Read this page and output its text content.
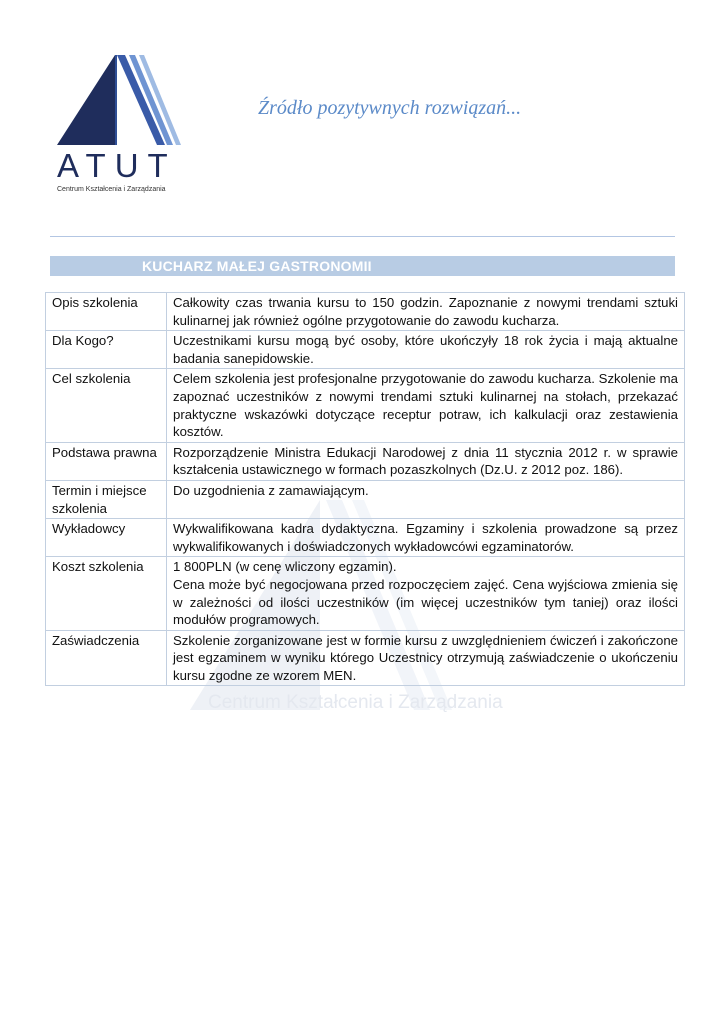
ATUT
Centrum Kształcenia i Zarządzania
Źródło pozytywnych rozwiązań...
KUCHARZ MAŁEJ GASTRONOMII
Centrum Kształcenia i Zarządzania
Opis szkolenia	Całkowity czas trwania kursu to 150 godzin. Zapoznanie z nowymi trendami sztuki kulinarnej jak również ogólne przygotowanie do zawodu kucharza.

Dla Kogo?	Uczestnikami kursu mogą być osoby, które ukończyły 18 rok życia i mają aktualne badania sanepidowskie.

Cel szkolenia	Celem szkolenia jest profesjonalne przygotowanie do zawodu kucharza. Szkolenie ma zapoznać uczestników z nowymi trendami sztuki kulinarnej na stołach, przekazać praktyczne wskazówki dotyczące receptur potraw, ich kalkulacji oraz zestawienia kosztów.

Podstawa prawna	Rozporządzenie Ministra Edukacji Narodowej z dnia 11 stycznia 2012 r. w sprawie kształcenia ustawicznego w formach pozaszkolnych (Dz.U. z 2012 poz. 186).

Termin i miejsce szkolenia	Do uzgodnienia z zamawiającym.

Wykładowcy	Wykwalifikowana kadra dydaktyczna. Egzaminy i szkolenia prowadzone są przez wykwalifikowanych i doświadczonych wykładowcówi egzaminatorów.

Koszt szkolenia	1 800PLN (w cenę wliczony egzamin).
Cena może być negocjowana przed rozpoczęciem zajęć. Cena wyjściowa zmienia się w zależności od ilości uczestników (im więcej uczestników tym taniej) oraz ilości modułów programowych.

Zaświadczenia	Szkolenie zorganizowane jest w formie kursu z uwzględnieniem ćwiczeń i zakończone jest egzaminem w wyniku którego Uczestnicy otrzymują zaświadczenie o ukończeniu kursu zgodne ze wzorem MEN.
